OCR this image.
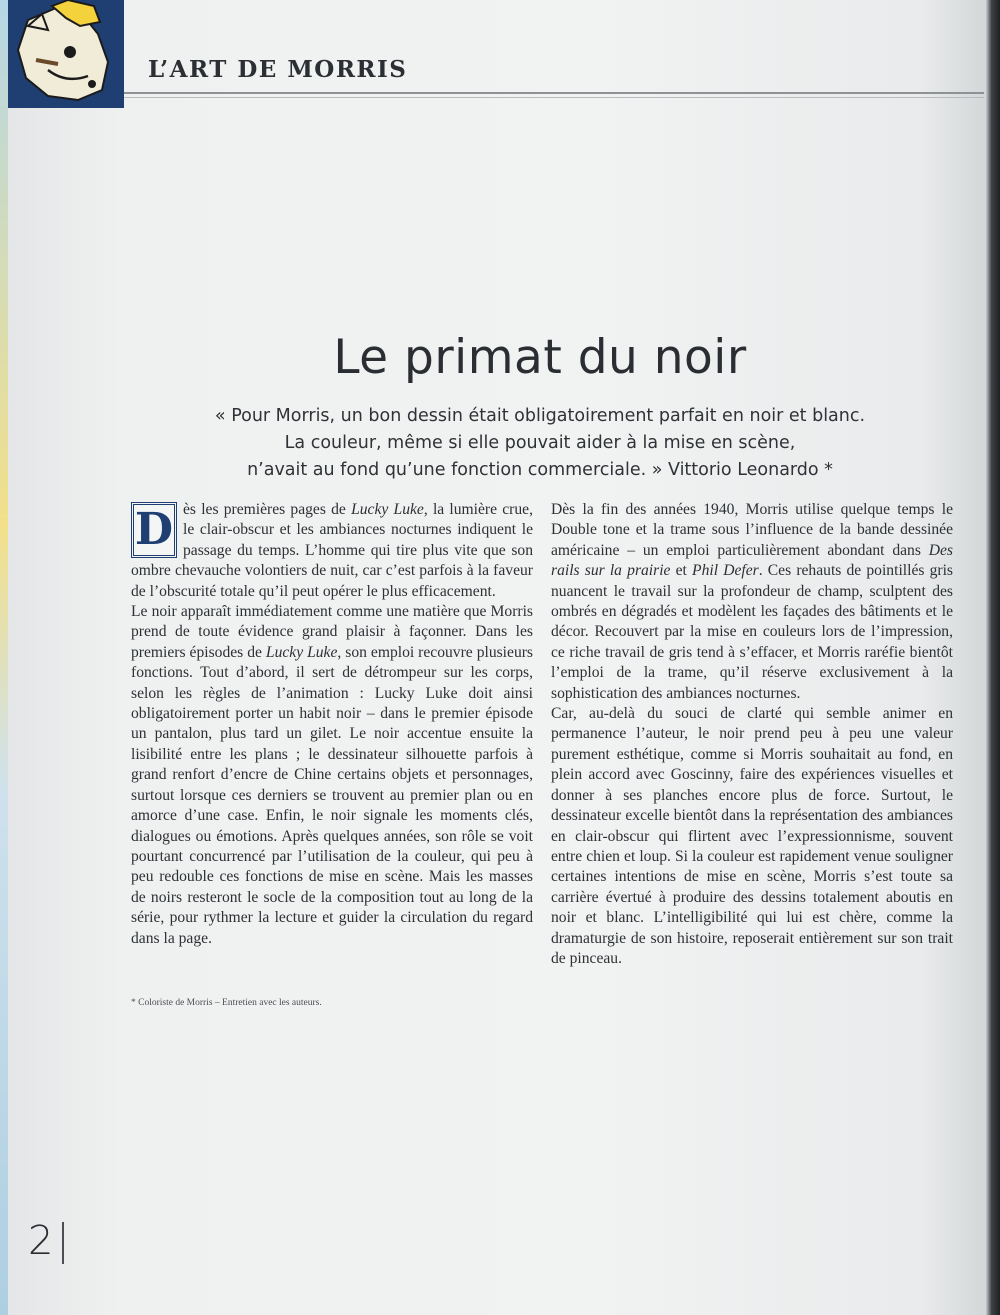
L’ART DE MORRIS
Le primat du noir
« Pour Morris, un bon dessin était obligatoirement parfait en noir et blanc.
La couleur, même si elle pouvait aider à la mise en scène,
n’avait au fond qu’une fonction commerciale. » Vittorio Leonardo *

D ès les premières pages de Lucky Luke, la lumière crue, le clair-obscur et les ambiances nocturnes indiquent le passage du temps. L’homme qui tire plus vite que son ombre chevauche volontiers de nuit, car c’est parfois à la faveur de l’obscurité totale qu’il peut opérer le plus efficacement.

Le noir apparaît immédiatement comme une matière que Morris prend de toute évidence grand plaisir à façonner. Dans les premiers épisodes de Lucky Luke, son emploi recouvre plusieurs fonctions. Tout d’abord, il sert de détrompeur sur les corps, selon les règles de l’animation : Lucky Luke doit ainsi obligatoirement porter un habit noir – dans le premier épisode un pantalon, plus tard un gilet. Le noir accentue ensuite la lisibilité entre les plans ; le dessinateur silhouette parfois à grand renfort d’encre de Chine certains objets et personnages, surtout lorsque ces derniers se trouvent au premier plan ou en amorce d’une case. Enfin, le noir signale les moments clés, dialogues ou émotions. Après quelques années, son rôle se voit pourtant concurrencé par l’utilisation de la couleur, qui peu à peu redouble ces fonctions de mise en scène. Mais les masses de noirs resteront le socle de la composition tout au long de la série, pour rythmer la lecture et guider la circulation du regard dans la page.

Dès la fin des années 1940, Morris utilise quelque temps le Double tone et la trame sous l’influence de la bande dessinée américaine – un emploi particulièrement abondant dans Des rails sur la prairie et Phil Defer. Ces rehauts de pointillés gris nuancent le travail sur la profondeur de champ, sculptent des ombrés en dégradés et modèlent les façades des bâtiments et le décor. Recouvert par la mise en couleurs lors de l’impression, ce riche travail de gris tend à s’effacer, et Morris raréfie bientôt l’emploi de la trame, qu’il réserve exclusivement à la sophistication des ambiances nocturnes.

Car, au-delà du souci de clarté qui semble animer en permanence l’auteur, le noir prend peu à peu une valeur purement esthétique, comme si Morris souhaitait au fond, en plein accord avec Goscinny, faire des expériences visuelles et donner à ses planches encore plus de force. Surtout, le dessinateur excelle bientôt dans la représentation des ambiances en clair-obscur qui flirtent avec l’expressionnisme, souvent entre chien et loup. Si la couleur est rapidement venue souligner certaines intentions de mise en scène, Morris s’est toute sa carrière évertué à produire des dessins totalement aboutis en noir et blanc. L’intelligibilité qui lui est chère, comme la dramaturgie de son histoire, reposerait entièrement sur son trait de pinceau.

* Coloriste de Morris – Entretien avec les auteurs.
2
